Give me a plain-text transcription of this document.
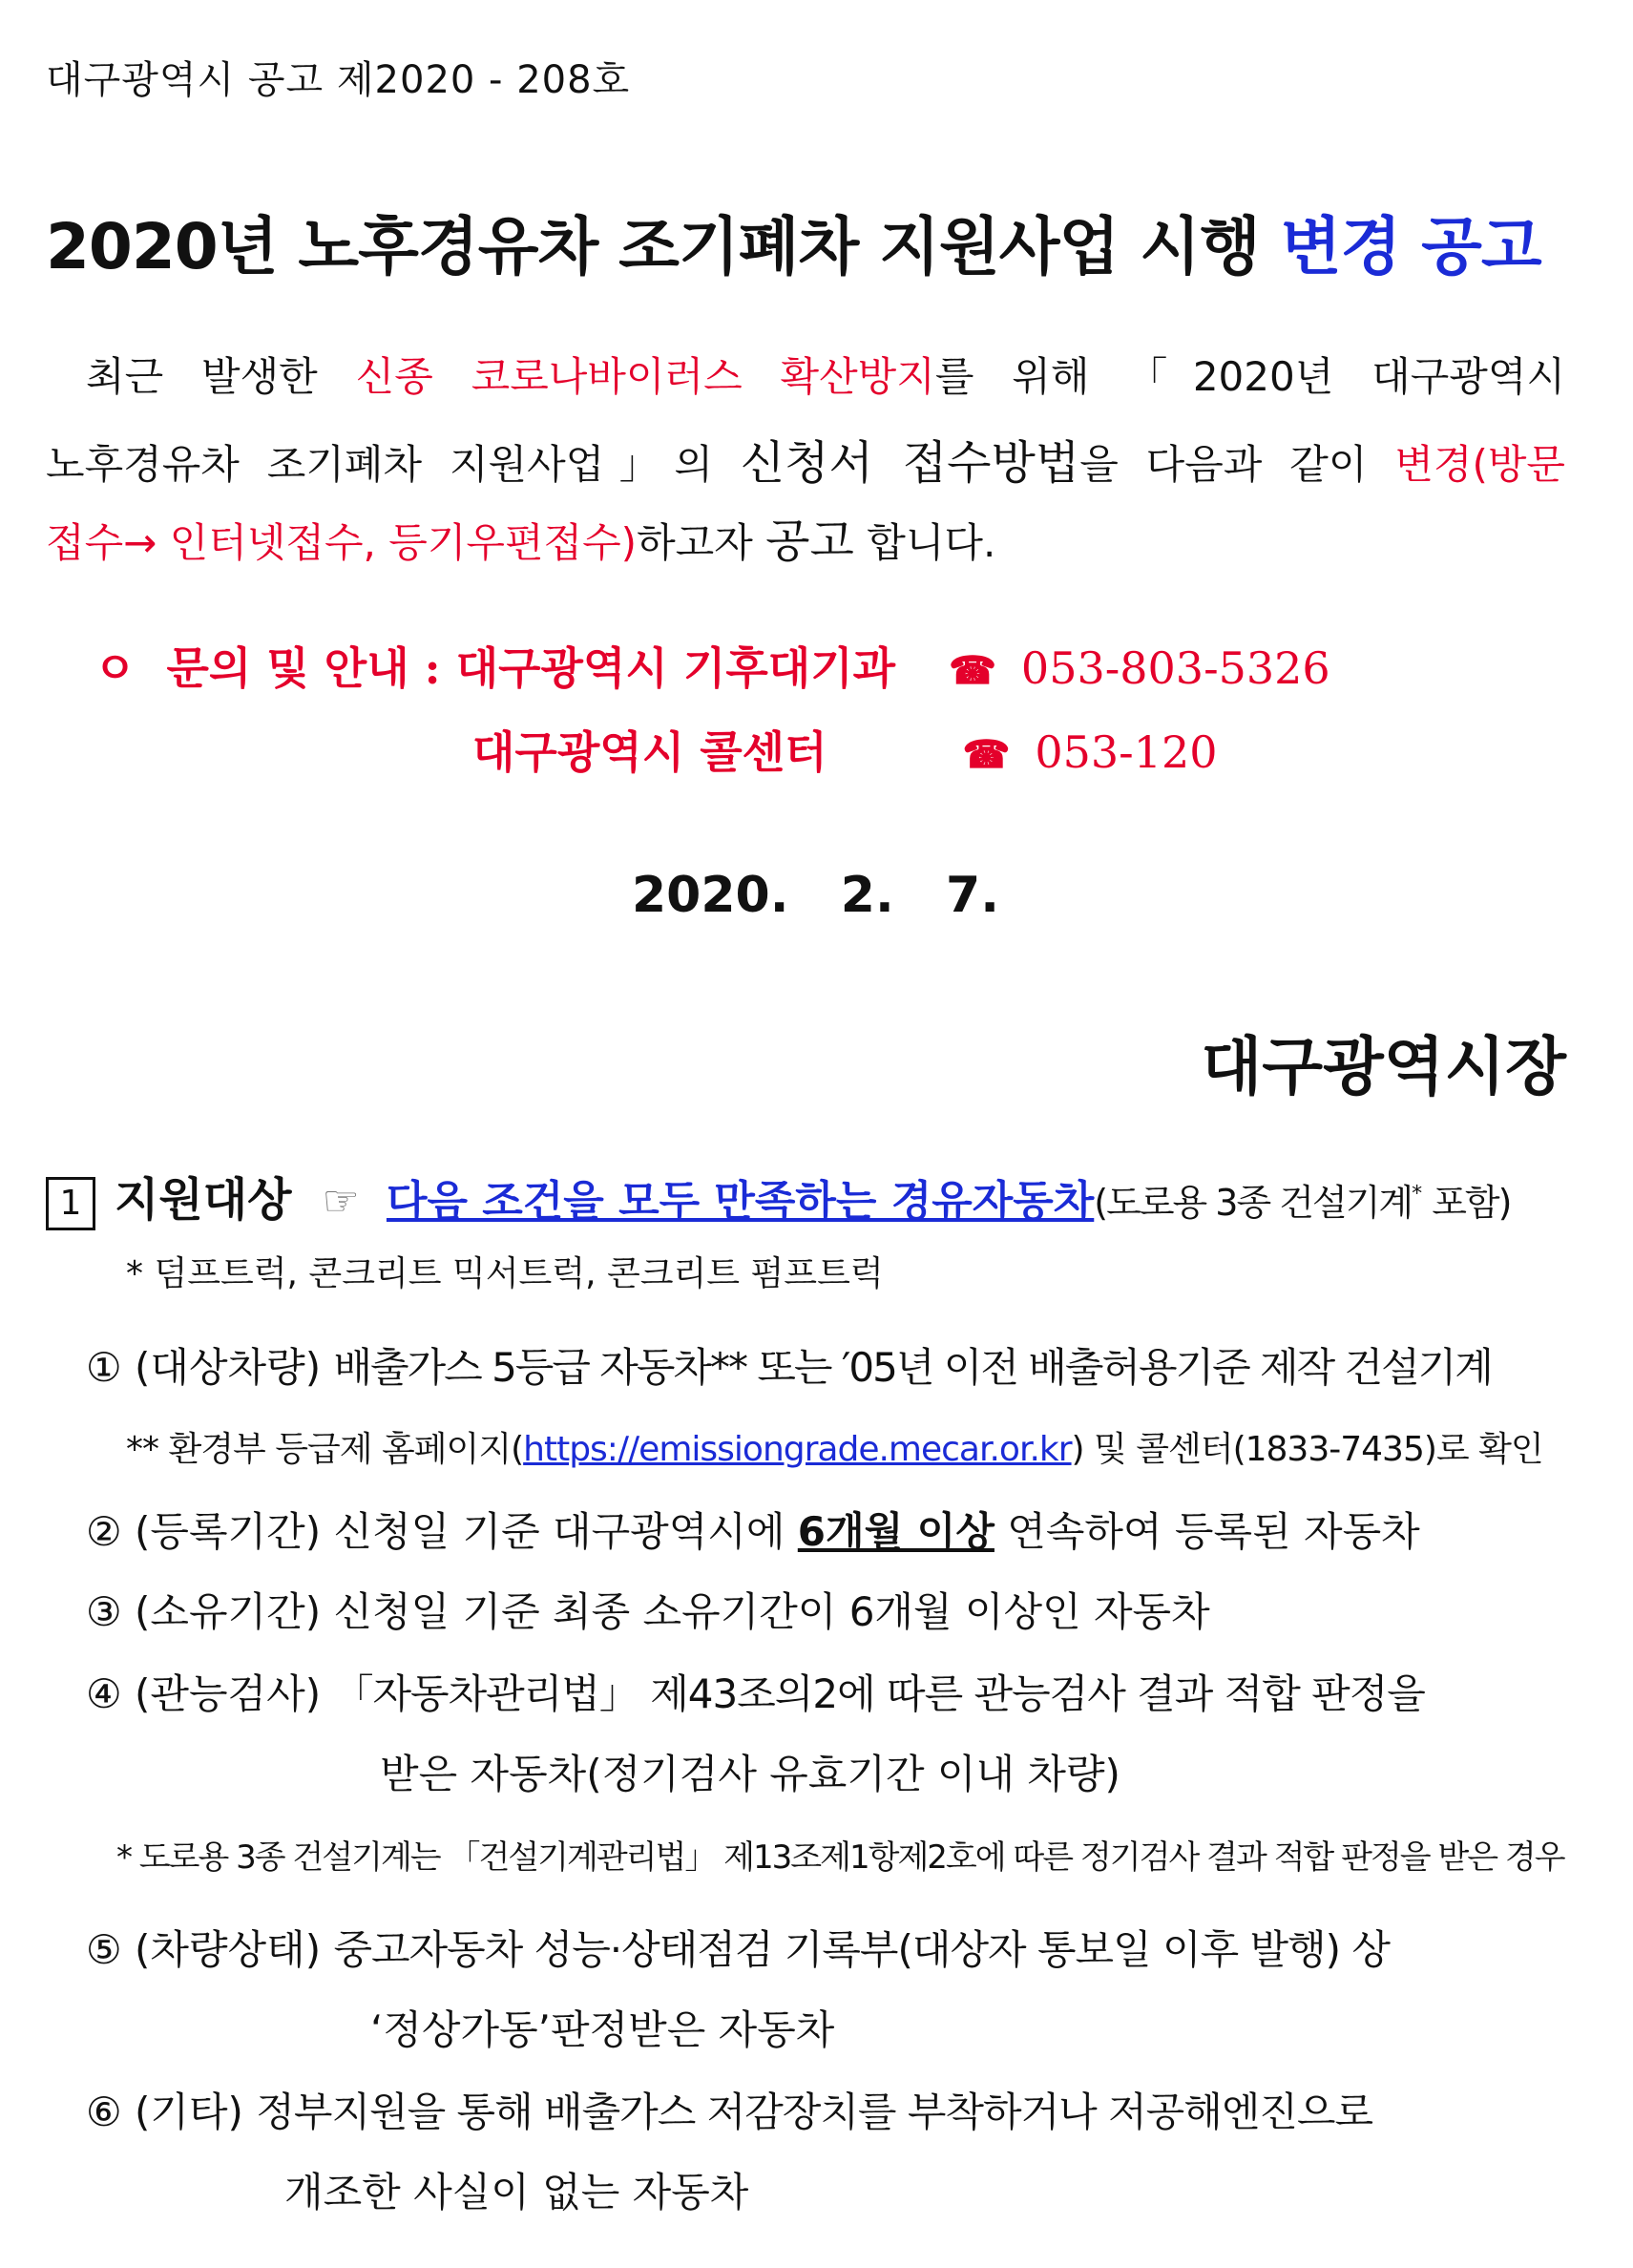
대구광역시 공고 제2020 - 208호
2020년 노후경유차 조기폐차 지원사업 시행 변경 공고
최근 발생한 신종 코로나바이러스 확산방지를 위해 「2020년 대구광역시
노후경유차 조기폐차 지원사업」의 신청서 접수방법을 다음과 같이 변경(방문
접수→ 인터넷접수, 등기우편접수)하고자 공고 합니다.
ㅇ 문의 및 안내 : 대구광역시 기후대기과 ☎ 053-803-5326
대구광역시 콜센터	☎ 053-120
2020.   2.   7.
대구광역시장
1 지원대상 ☞ 다음 조건을 모두 만족하는 경유자동차(도로용 3종 건설기계* 포함)
* 덤프트럭, 콘크리트 믹서트럭, 콘크리트 펌프트럭
① (대상차량) 배출가스 5등급 자동차** 또는 ′05년 이전 배출허용기준 제작 건설기계
** 환경부 등급제 홈페이지(https://emissiongrade.mecar.or.kr) 및 콜센터(1833-7435)로 확인
② (등록기간) 신청일 기준 대구광역시에 6개월 이상 연속하여 등록된 자동차
③ (소유기간) 신청일 기준 최종 소유기간이 6개월 이상인 자동차
④ (관능검사) 「자동차관리법」 제43조의2에 따른 관능검사 결과 적합 판정을
받은 자동차(정기검사 유효기간 이내 차량)
* 도로용 3종 건설기계는 「건설기계관리법」 제13조제1항제2호에 따른 정기검사 결과 적합 판정을 받은 경우
⑤ (차량상태) 중고자동차 성능·상태점검 기록부(대상자 통보일 이후 발행) 상
‘정상가동’판정받은 자동차
⑥ (기타) 정부지원을 통해 배출가스 저감장치를 부착하거나 저공해엔진으로
개조한 사실이 없는 자동차
